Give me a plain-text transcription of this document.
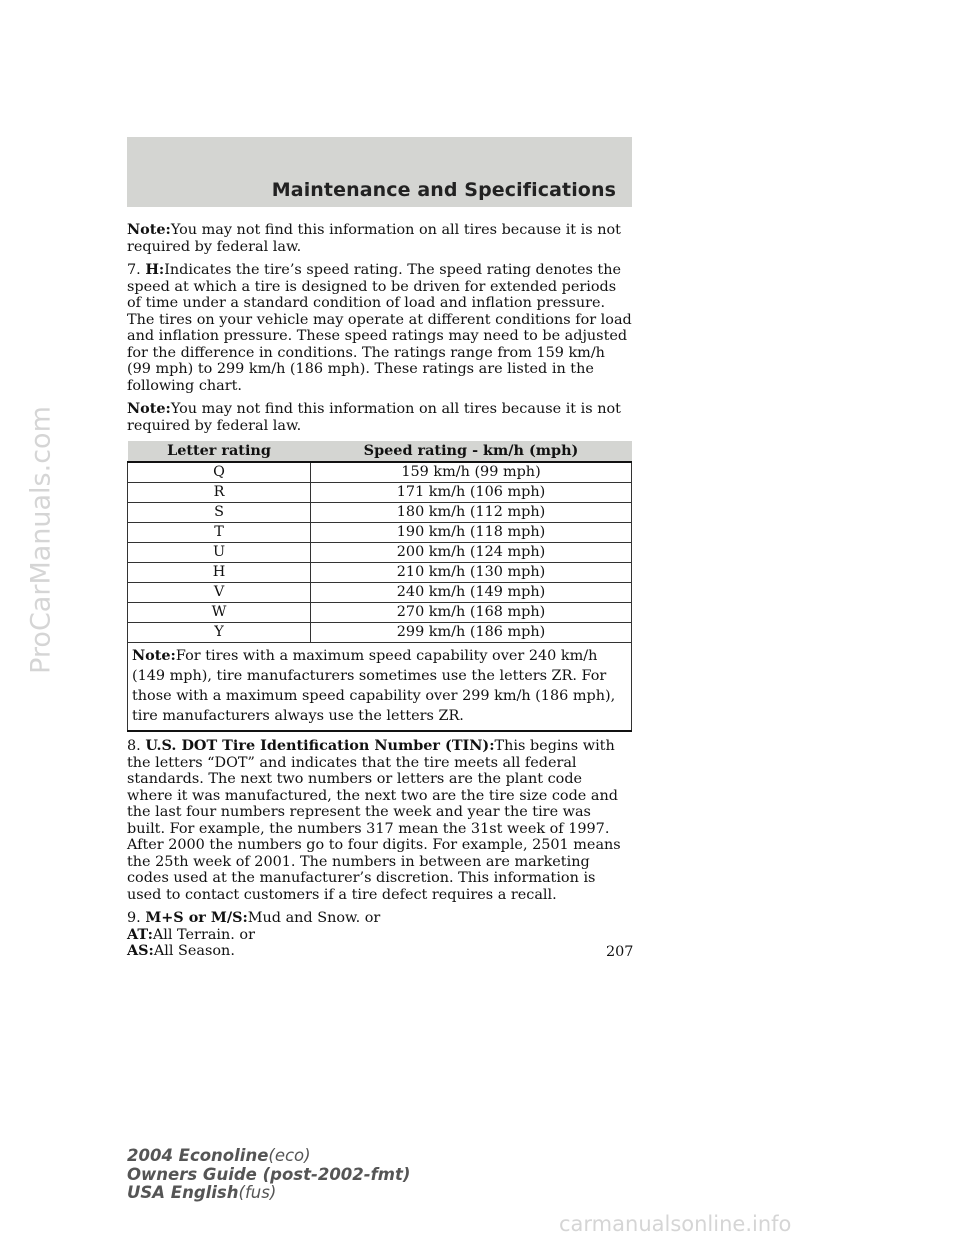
Maintenance and Specifications

Note:You may not find this information on all tires because it is not required by federal law.

7. H:Indicates the tire’s speed rating. The speed rating denotes the speed at which a tire is designed to be driven for extended periods of time under a standard condition of load and inflation pressure. The tires on your vehicle may operate at different conditions for load and inflation pressure. These speed ratings may need to be adjusted for the difference in conditions. The ratings range from 159 km/h (99 mph) to 299 km/h (186 mph). These ratings are listed in the following chart.

Note:You may not find this information on all tires because it is not required by federal law.

Letter rating	Speed rating - km/h (mph)
Q	159 km/h (99 mph)
R	171 km/h (106 mph)
S	180 km/h (112 mph)
T	190 km/h (118 mph)
U	200 km/h (124 mph)
H	210 km/h (130 mph)
V	240 km/h (149 mph)
W	270 km/h (168 mph)
Y	299 km/h (186 mph)
Note:For tires with a maximum speed capability over 240 km/h (149 mph), tire manufacturers sometimes use the letters ZR. For those with a maximum speed capability over 299 km/h (186 mph), tire manufacturers always use the letters ZR.	

8. U.S. DOT Tire Identification Number (TIN):This begins with the letters “DOT” and indicates that the tire meets all federal standards. The next two numbers or letters are the plant code where it was manufactured, the next two are the tire size code and the last four numbers represent the week and year the tire was built. For example, the numbers 317 mean the 31st week of 1997. After 2000 the numbers go to four digits. For example, 2501 means the 25th week of 2001. The numbers in between are marketing codes used at the manufacturer’s discretion. This information is used to contact customers if a tire defect requires a recall.

9. M+S or M/S:Mud and Snow. or

AT:All Terrain. or

AS:All Season.	207
2004 Econoline(eco)
Owners Guide (post-2002-fmt)
USA English(fus)
ProCarManuals.com
carmanualsonline.info
